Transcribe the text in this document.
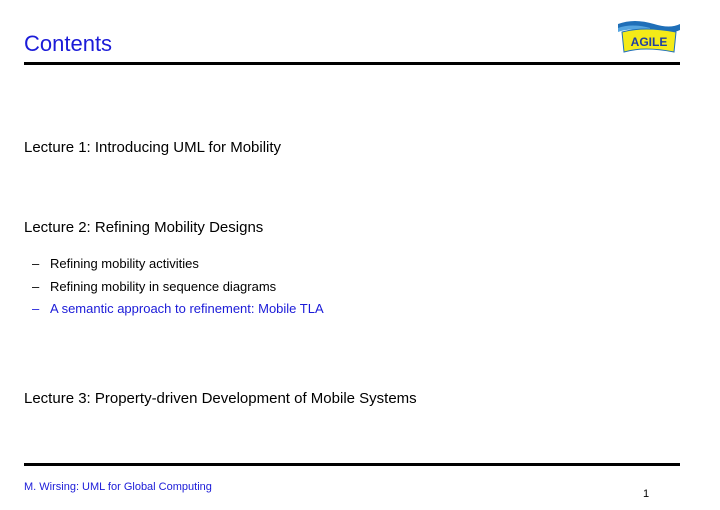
Contents	AGILE
Lecture 1: Introducing UML for Mobility
Lecture 2: Refining Mobility Designs
– Refining mobility activities
– Refining mobility in sequence diagrams
– A semantic approach to refinement: Mobile TLA
Lecture 3: Property-driven Development of Mobile Systems
M. Wirsing: UML for Global Computing
1
